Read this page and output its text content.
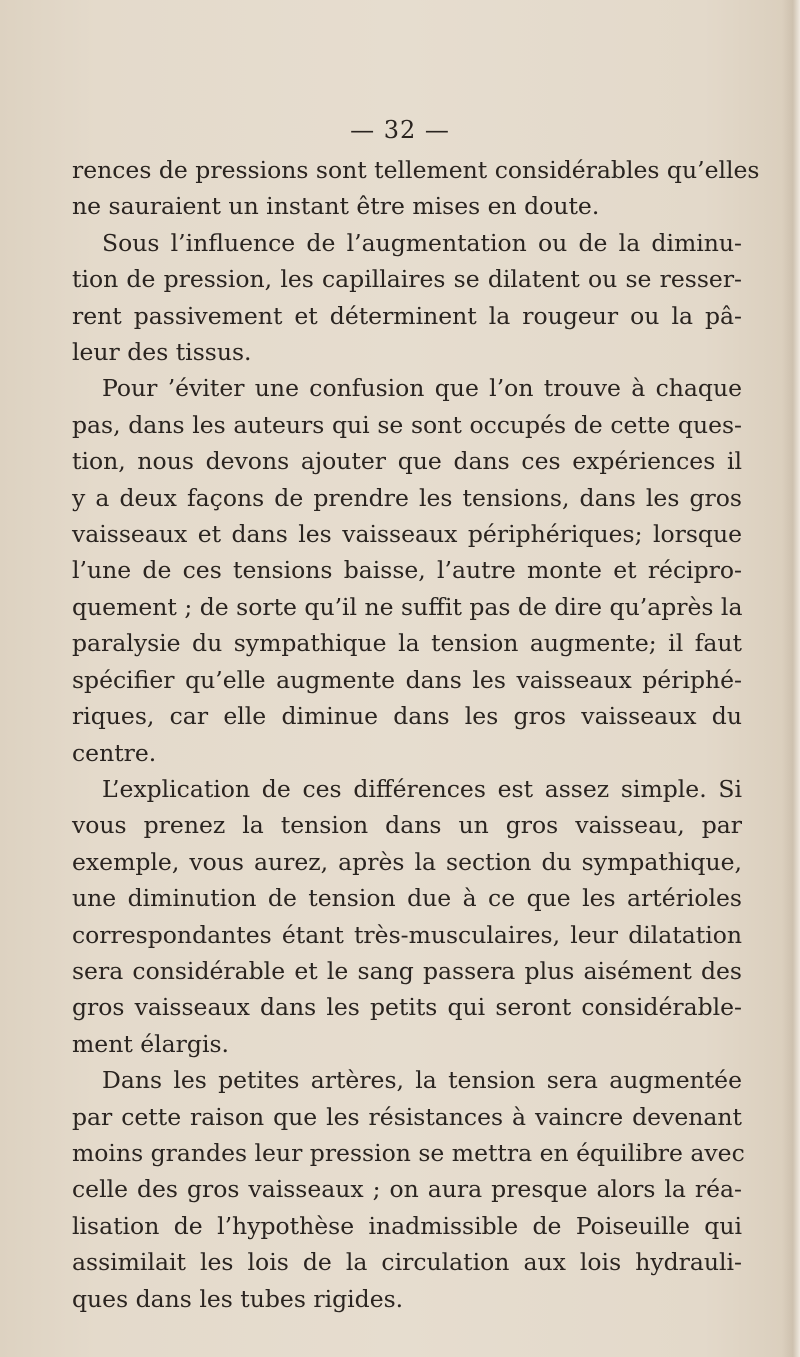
— 32 —
rences de pressions sont tellement considérables qu’elles
ne sauraient un instant être mises en doute.
Sous l’influence de l’augmentation ou de la diminu-
tion de pression, les capillaires se dilatent ou se resser-
rent passivement et déterminent la rougeur ou la pâ-
leur des tissus.
Pour ’éviter une confusion que l’on trouve à chaque
pas, dans les auteurs qui se sont occupés de cette ques-
tion, nous devons ajouter que dans ces expériences il
y a deux façons de prendre les tensions, dans les gros
vaisseaux et dans les vaisseaux périphériques; lorsque
l’une de ces tensions baisse, l’autre monte et récipro-
quement ; de sorte qu’il ne suffit pas de dire qu’après la
paralysie du sympathique la tension augmente; il faut
spécifier qu’elle augmente dans les vaisseaux périphé-
riques, car elle diminue dans les gros vaisseaux du
centre.
L’explication de ces différences est assez simple. Si
vous prenez la tension dans un gros vaisseau, par
exemple, vous aurez, après la section du sympathique,
une diminution de tension due à ce que les artérioles
correspondantes étant très-musculaires, leur dilatation
sera considérable et le sang passera plus aisément des
gros vaisseaux dans les petits qui seront considérable-
ment élargis.
Dans les petites artères, la tension sera augmentée
par cette raison que les résistances à vaincre devenant
moins grandes leur pression se mettra en équilibre avec
celle des gros vaisseaux ; on aura presque alors la réa-
lisation de l’hypothèse inadmissible de Poiseuille qui
assimilait les lois de la circulation aux lois hydrauli-
ques dans les tubes rigides.
